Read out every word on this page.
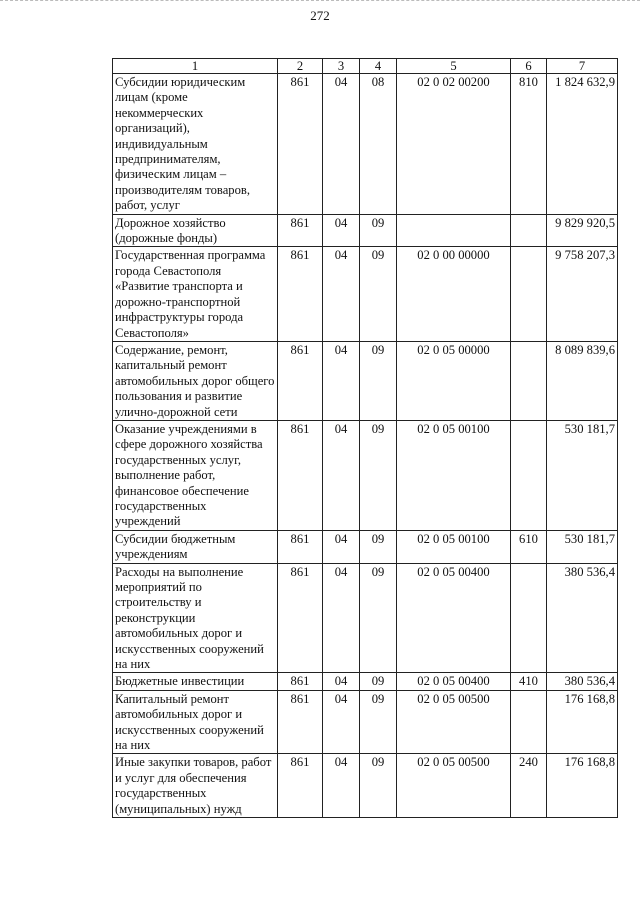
272
1	2	3	4	5	6	7
Субсидии юридическим лицам (кроме некоммерческих организаций), индивидуальным предпринимателям, физическим лицам – производителям товаров, работ, услуг	861	04	08	02 0 02 00200	810	1 824 632,9
Дорожное хозяйство (дорожные фонды)	861	04	09			9 829 920,5
Государственная программа города Севастополя «Развитие транспорта и дорожно-транспортной инфраструктуры города Севастополя»	861	04	09	02 0 00 00000		9 758 207,3
Содержание, ремонт, капитальный ремонт автомобильных дорог общего пользования и развитие улично-дорожной сети	861	04	09	02 0 05 00000		8 089 839,6
Оказание учреждениями в сфере дорожного хозяйства государственных услуг, выполнение работ, финансовое обеспечение государственных учреждений	861	04	09	02 0 05 00100		530 181,7
Субсидии бюджетным учреждениям	861	04	09	02 0 05 00100	610	530 181,7
Расходы на выполнение мероприятий по строительству и реконструкции автомобильных дорог и искусственных сооружений на них	861	04	09	02 0 05 00400		380 536,4
Бюджетные инвестиции	861	04	09	02 0 05 00400	410	380 536,4
Капитальный ремонт автомобильных дорог и искусственных сооружений на них	861	04	09	02 0 05 00500		176 168,8
Иные закупки товаров, работ и услуг для обеспечения государственных (муниципальных) нужд	861	04	09	02 0 05 00500	240	176 168,8
